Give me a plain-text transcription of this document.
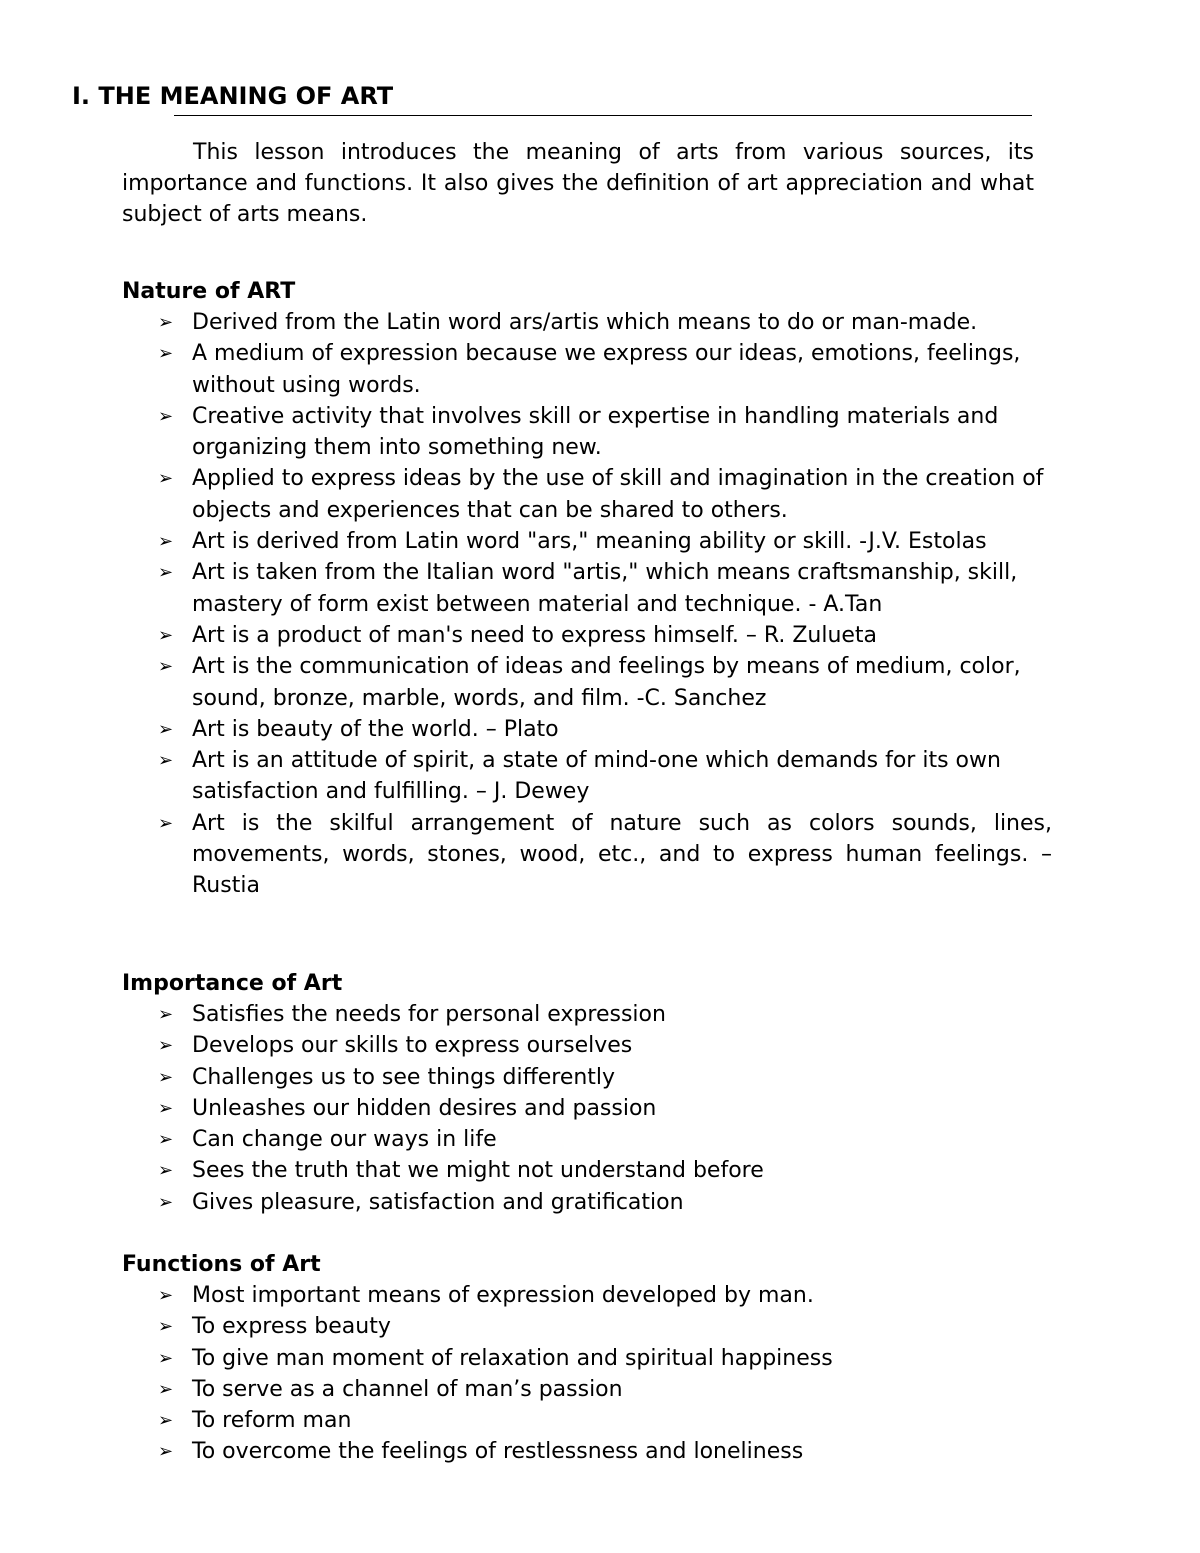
I. THE MEANING OF ART

This lesson introduces the meaning of arts from various sources, its importance and functions. It also gives the definition of art appreciation and what subject of arts means.

Nature of ART
➢ Derived from the Latin word ars/artis which means to do or man-made.
➢ A medium of expression because we express our ideas, emotions, feelings, without using words.
➢ Creative activity that involves skill or expertise in handling materials and organizing them into something new.
➢ Applied to express ideas by the use of skill and imagination in the creation of objects and experiences that can be shared to others.
➢ Art is derived from Latin word "ars," meaning ability or skill. -J.V. Estolas
➢ Art is taken from the Italian word "artis," which means craftsmanship, skill, mastery of form exist between material and technique. - A.Tan
➢ Art is a product of man's need to express himself. – R. Zulueta
➢ Art is the communication of ideas and feelings by means of medium, color, sound, bronze, marble, words, and film. -C. Sanchez
➢ Art is beauty of the world. – Plato
➢ Art is an attitude of spirit, a state of mind-one which demands for its own satisfaction and fulfilling. – J. Dewey
➢ Art is the skilful arrangement of nature such as colors sounds, lines, movements, words, stones, wood, etc., and to express human feelings. – Rustia
Importance of Art
➢ Satisfies the needs for personal expression
➢ Develops our skills to express ourselves
➢ Challenges us to see things differently
➢ Unleashes our hidden desires and passion
➢ Can change our ways in life
➢ Sees the truth that we might not understand before
➢ Gives pleasure, satisfaction and gratification
Functions of Art
➢ Most important means of expression developed by man.
➢ To express beauty
➢ To give man moment of relaxation and spiritual happiness
➢ To serve as a channel of man’s passion
➢ To reform man
➢ To overcome the feelings of restlessness and loneliness
